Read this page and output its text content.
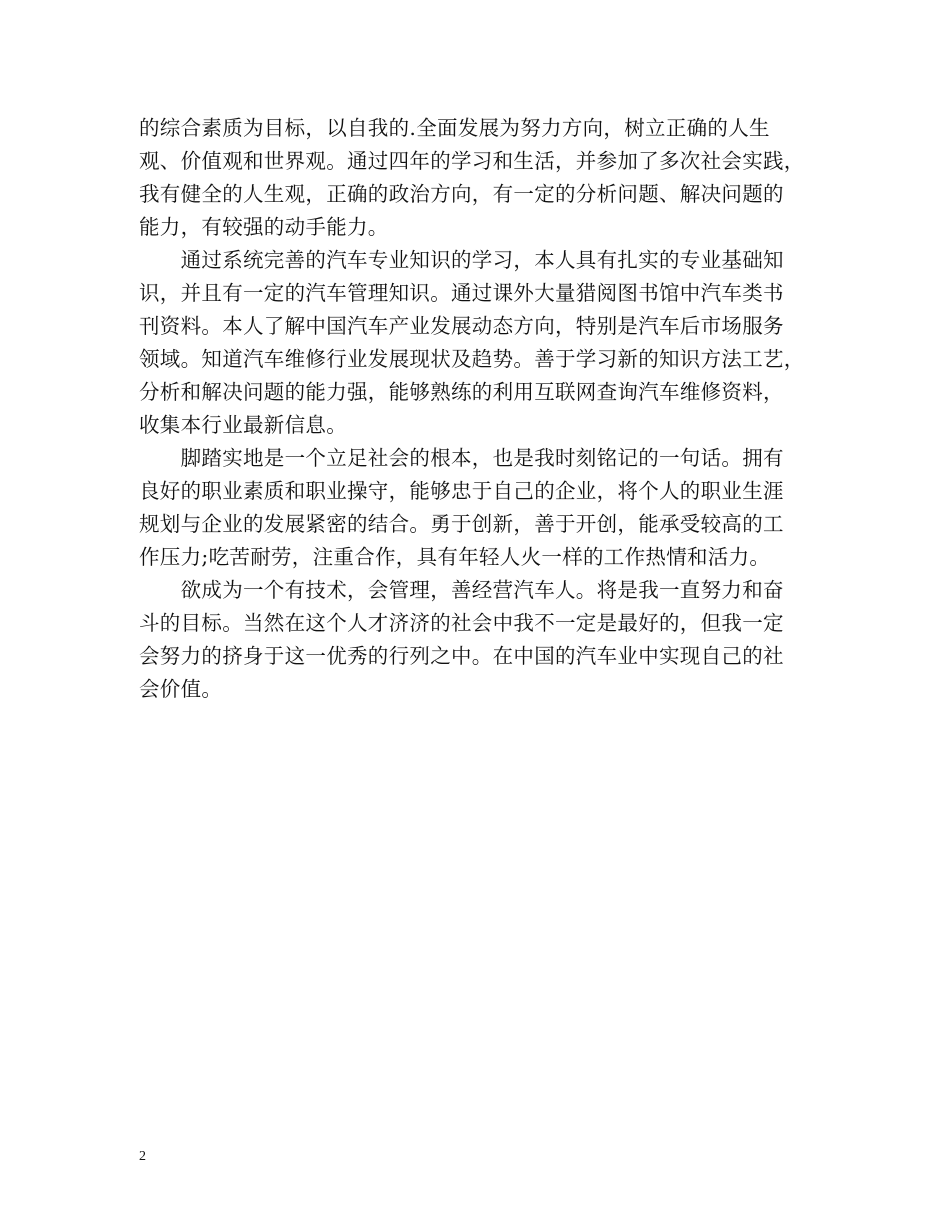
的综合素质为目标，以自我的.全面发展为努力方向，树立正确的人生
观、价值观和世界观。通过四年的学习和生活，并参加了多次社会实践，
我有健全的人生观，正确的政治方向，有一定的分析问题、解决问题的
能力，有较强的动手能力。

　　通过系统完善的汽车专业知识的学习，本人具有扎实的专业基础知
识，并且有一定的汽车管理知识。通过课外大量猎阅图书馆中汽车类书
刊资料。本人了解中国汽车产业发展动态方向，特别是汽车后市场服务
领域。知道汽车维修行业发展现状及趋势。善于学习新的知识方法工艺，
分析和解决问题的能力强，能够熟练的利用互联网查询汽车维修资料，
收集本行业最新信息。

　　脚踏实地是一个立足社会的根本，也是我时刻铭记的一句话。拥有
良好的职业素质和职业操守，能够忠于自己的企业，将个人的职业生涯
规划与企业的发展紧密的结合。勇于创新，善于开创，能承受较高的工
作压力;吃苦耐劳，注重合作，具有年轻人火一样的工作热情和活力。

　　欲成为一个有技术，会管理，善经营汽车人。将是我一直努力和奋
斗的目标。当然在这个人才济济的社会中我不一定是最好的，但我一定
会努力的挤身于这一优秀的行列之中。在中国的汽车业中实现自己的社
会价值。

2
